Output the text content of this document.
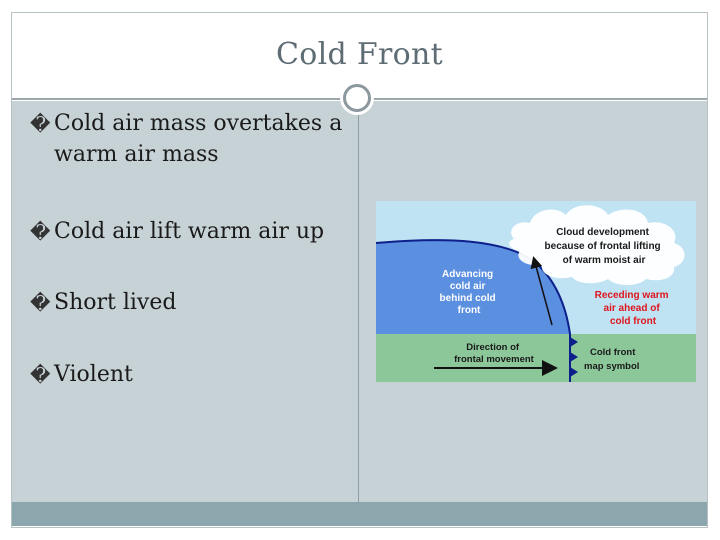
Cold Front
� Cold air mass overtakes a warm air mass
� Cold air lift warm air up
� Short lived
� Violent
Cloud development because of frontal lifting of warm moist air
Advancing cold air behind cold front
Receding warm air ahead of cold front
Direction of frontal movement
Cold front map symbol
